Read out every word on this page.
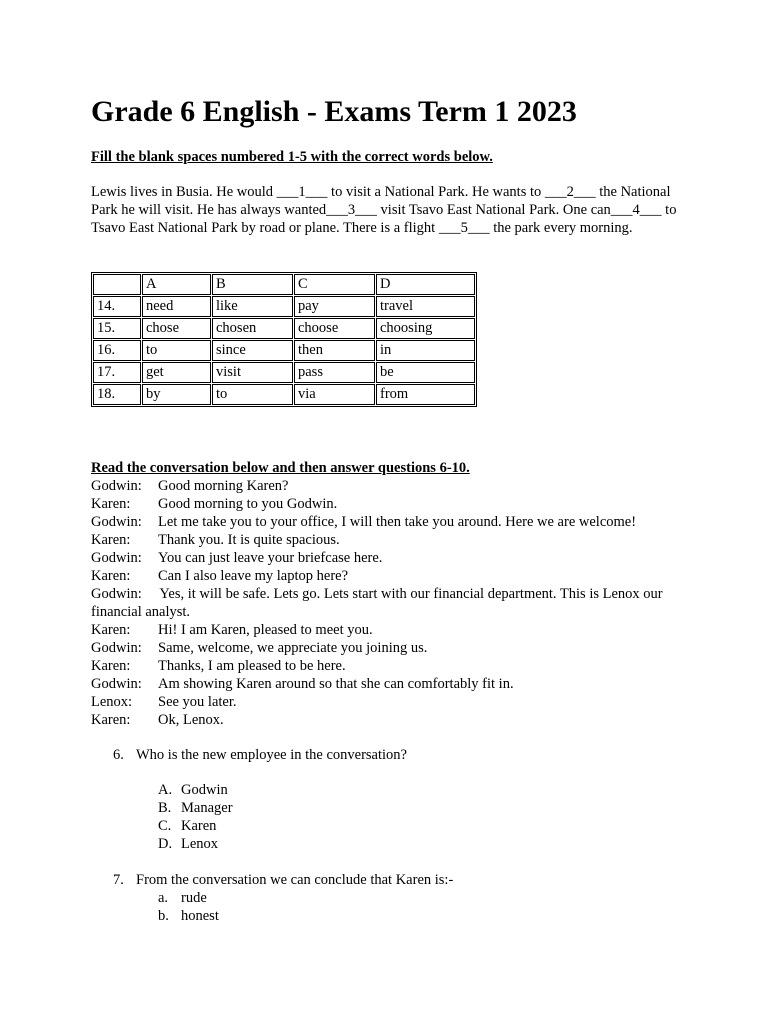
Grade 6 English - Exams Term 1 2023

Fill the blank spaces numbered 1-5 with the correct words below.

Lewis lives in Busia. He would ___1___ to visit a National Park. He wants to ___2___ the National Park he will visit. He has always wanted___3___ visit Tsavo East National Park. One can___4___ to Tsavo East National Park by road or plane. There is a flight ___5___ the park every morning.

	A	B	C	D
14.	need	like	pay	travel
15.	chose	chosen	choose	choosing
16.	to	since	then	in
17.	get	visit	pass	be
18.	by	to	via	from

Read the conversation below and then answer questions 6-10.

Godwin:	Good morning Karen?
Karen:	Good morning to you Godwin.
Godwin:	Let me take you to your office, I will then take you around. Here we are welcome!
Karen:	Thank you. It is quite spacious.
Godwin:	You can just leave your briefcase here.
Karen:	Can I also leave my laptop here?
Godwin: Yes, it will be safe. Lets go. Lets start with our financial department. This is Lenox our financial analyst.
Karen:	Hi! I am Karen, pleased to meet you.
Godwin:	Same, welcome, we appreciate you joining us.
Karen:	Thanks, I am pleased to be here.
Godwin:	Am showing Karen around so that she can comfortably fit in.
Lenox:	See you later.
Karen:	Ok, Lenox.
6. Who is the new employee in the conversation?
A. Godwin
B. Manager
C. Karen
D. Lenox
7. From the conversation we can conclude that Karen is:-
a. rude
b. honest
